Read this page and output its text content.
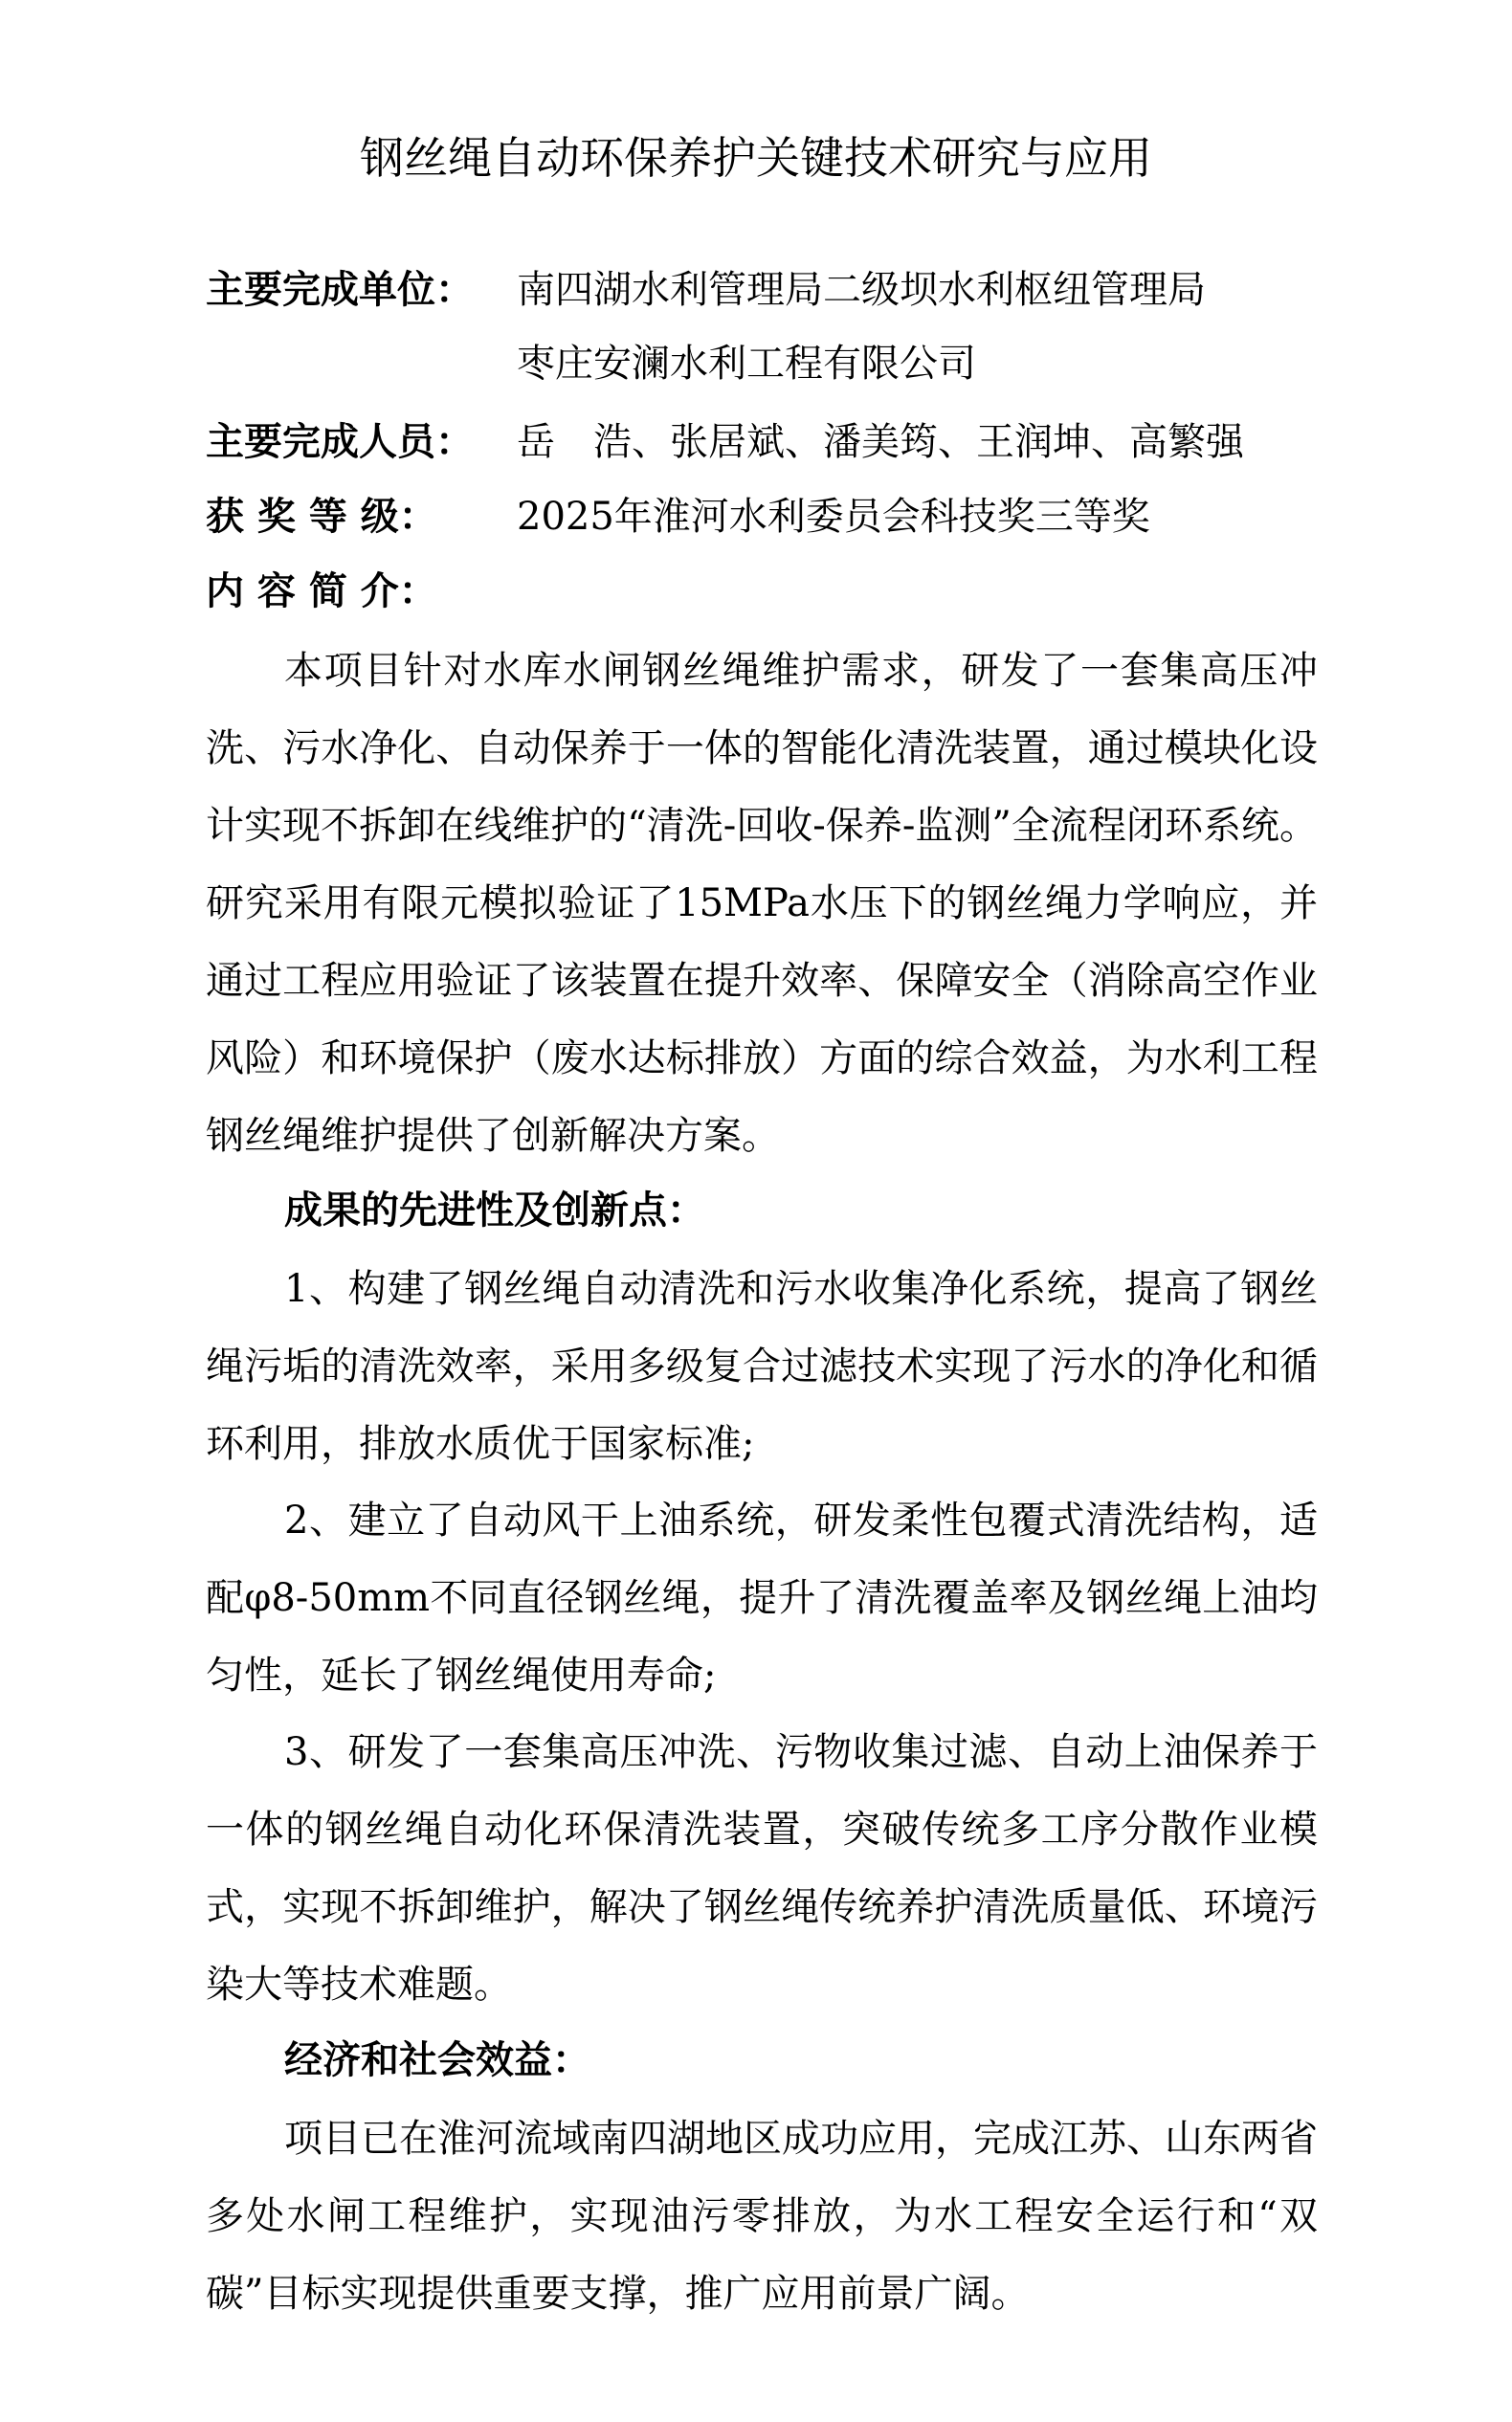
钢丝绳自动环保养护关键技术研究与应用
主要完成单位： 南四湖水利管理局二级坝水利枢纽管理局
枣庄安澜水利工程有限公司
主要完成人员： 岳　浩、张居斌、潘美筠、王润坤、高繁强
获 奖 等 级： 2025年淮河水利委员会科技奖三等奖
内 容 简 介：

本项目针对水库水闸钢丝绳维护需求，研发了一套集高压冲洗、污水净化、自动保养于一体的智能化清洗装置，通过模块化设计实现不拆卸在线维护的“清洗-回收-保养-监测”全流程闭环系统。研究采用有限元模拟验证了15MPa水压下的钢丝绳力学响应，并通过工程应用验证了该装置在提升效率、保障安全（消除高空作业风险）和环境保护（废水达标排放）方面的综合效益，为水利工程钢丝绳维护提供了创新解决方案。

成果的先进性及创新点：

1、构建了钢丝绳自动清洗和污水收集净化系统，提高了钢丝绳污垢的清洗效率，采用多级复合过滤技术实现了污水的净化和循环利用，排放水质优于国家标准;

2、建立了自动风干上油系统，研发柔性包覆式清洗结构，适配φ8-50mm不同直径钢丝绳，提升了清洗覆盖率及钢丝绳上油均匀性，延长了钢丝绳使用寿命;

3、研发了一套集高压冲洗、污物收集过滤、自动上油保养于一体的钢丝绳自动化环保清洗装置，突破传统多工序分散作业模式，实现不拆卸维护，解决了钢丝绳传统养护清洗质量低、环境污染大等技术难题。

经济和社会效益：

项目已在淮河流域南四湖地区成功应用，完成江苏、山东两省多处水闸工程维护，实现油污零排放，为水工程安全运行和“双碳”目标实现提供重要支撑，推广应用前景广阔。
